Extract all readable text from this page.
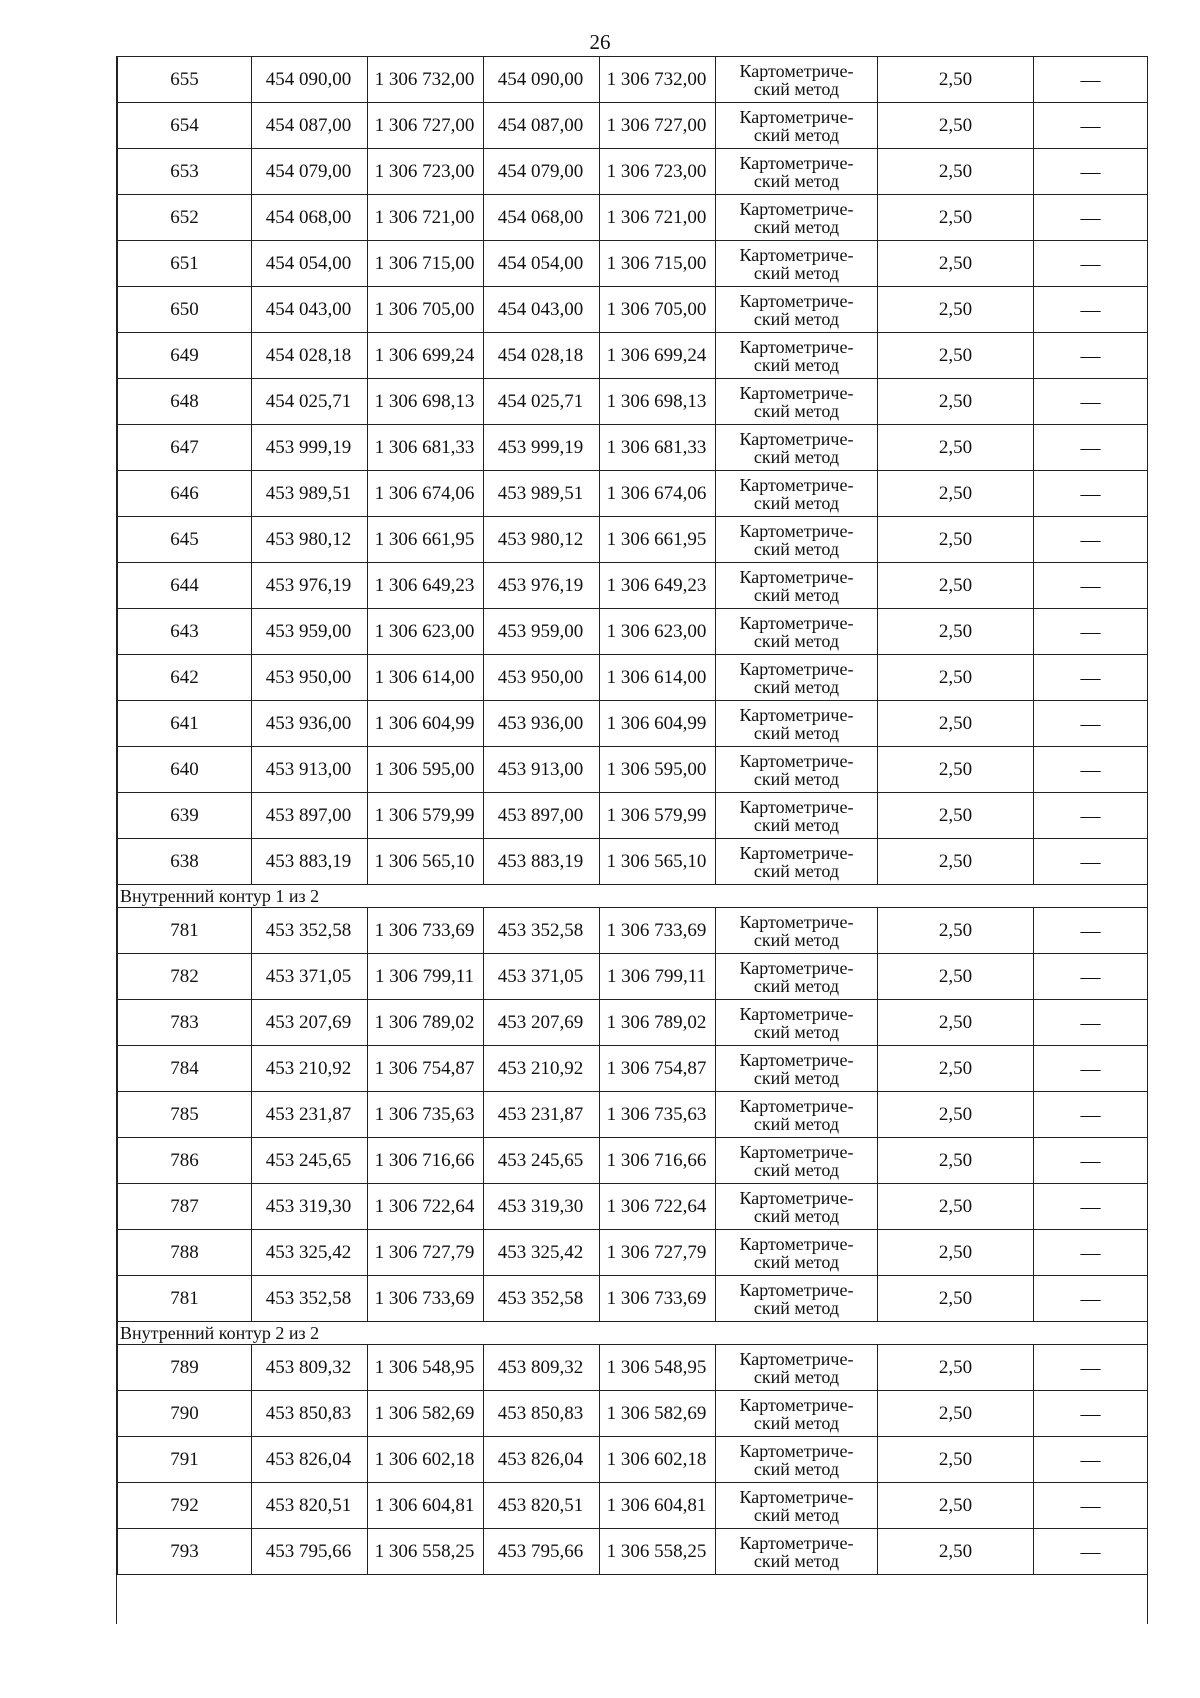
26
655	454 090,00	1 306 732,00	454 090,00	1 306 732,00	Картометриче-
ский метод	2,50	—
654	454 087,00	1 306 727,00	454 087,00	1 306 727,00	Картометриче-
ский метод	2,50	—
653	454 079,00	1 306 723,00	454 079,00	1 306 723,00	Картометриче-
ский метод	2,50	—
652	454 068,00	1 306 721,00	454 068,00	1 306 721,00	Картометриче-
ский метод	2,50	—
651	454 054,00	1 306 715,00	454 054,00	1 306 715,00	Картометриче-
ский метод	2,50	—
650	454 043,00	1 306 705,00	454 043,00	1 306 705,00	Картометриче-
ский метод	2,50	—
649	454 028,18	1 306 699,24	454 028,18	1 306 699,24	Картометриче-
ский метод	2,50	—
648	454 025,71	1 306 698,13	454 025,71	1 306 698,13	Картометриче-
ский метод	2,50	—
647	453 999,19	1 306 681,33	453 999,19	1 306 681,33	Картометриче-
ский метод	2,50	—
646	453 989,51	1 306 674,06	453 989,51	1 306 674,06	Картометриче-
ский метод	2,50	—
645	453 980,12	1 306 661,95	453 980,12	1 306 661,95	Картометриче-
ский метод	2,50	—
644	453 976,19	1 306 649,23	453 976,19	1 306 649,23	Картометриче-
ский метод	2,50	—
643	453 959,00	1 306 623,00	453 959,00	1 306 623,00	Картометриче-
ский метод	2,50	—
642	453 950,00	1 306 614,00	453 950,00	1 306 614,00	Картометриче-
ский метод	2,50	—
641	453 936,00	1 306 604,99	453 936,00	1 306 604,99	Картометриче-
ский метод	2,50	—
640	453 913,00	1 306 595,00	453 913,00	1 306 595,00	Картометриче-
ский метод	2,50	—
639	453 897,00	1 306 579,99	453 897,00	1 306 579,99	Картометриче-
ский метод	2,50	—
638	453 883,19	1 306 565,10	453 883,19	1 306 565,10	Картометриче-
ский метод	2,50	—
Внутренний контур 1 из 2							
781	453 352,58	1 306 733,69	453 352,58	1 306 733,69	Картометриче-
ский метод	2,50	—
782	453 371,05	1 306 799,11	453 371,05	1 306 799,11	Картометриче-
ский метод	2,50	—
783	453 207,69	1 306 789,02	453 207,69	1 306 789,02	Картометриче-
ский метод	2,50	—
784	453 210,92	1 306 754,87	453 210,92	1 306 754,87	Картометриче-
ский метод	2,50	—
785	453 231,87	1 306 735,63	453 231,87	1 306 735,63	Картометриче-
ский метод	2,50	—
786	453 245,65	1 306 716,66	453 245,65	1 306 716,66	Картометриче-
ский метод	2,50	—
787	453 319,30	1 306 722,64	453 319,30	1 306 722,64	Картометриче-
ский метод	2,50	—
788	453 325,42	1 306 727,79	453 325,42	1 306 727,79	Картометриче-
ский метод	2,50	—
781	453 352,58	1 306 733,69	453 352,58	1 306 733,69	Картометриче-
ский метод	2,50	—
Внутренний контур 2 из 2							
789	453 809,32	1 306 548,95	453 809,32	1 306 548,95	Картометриче-
ский метод	2,50	—
790	453 850,83	1 306 582,69	453 850,83	1 306 582,69	Картометриче-
ский метод	2,50	—
791	453 826,04	1 306 602,18	453 826,04	1 306 602,18	Картометриче-
ский метод	2,50	—
792	453 820,51	1 306 604,81	453 820,51	1 306 604,81	Картометриче-
ский метод	2,50	—
793	453 795,66	1 306 558,25	453 795,66	1 306 558,25	Картометриче-
ский метод	2,50	—
